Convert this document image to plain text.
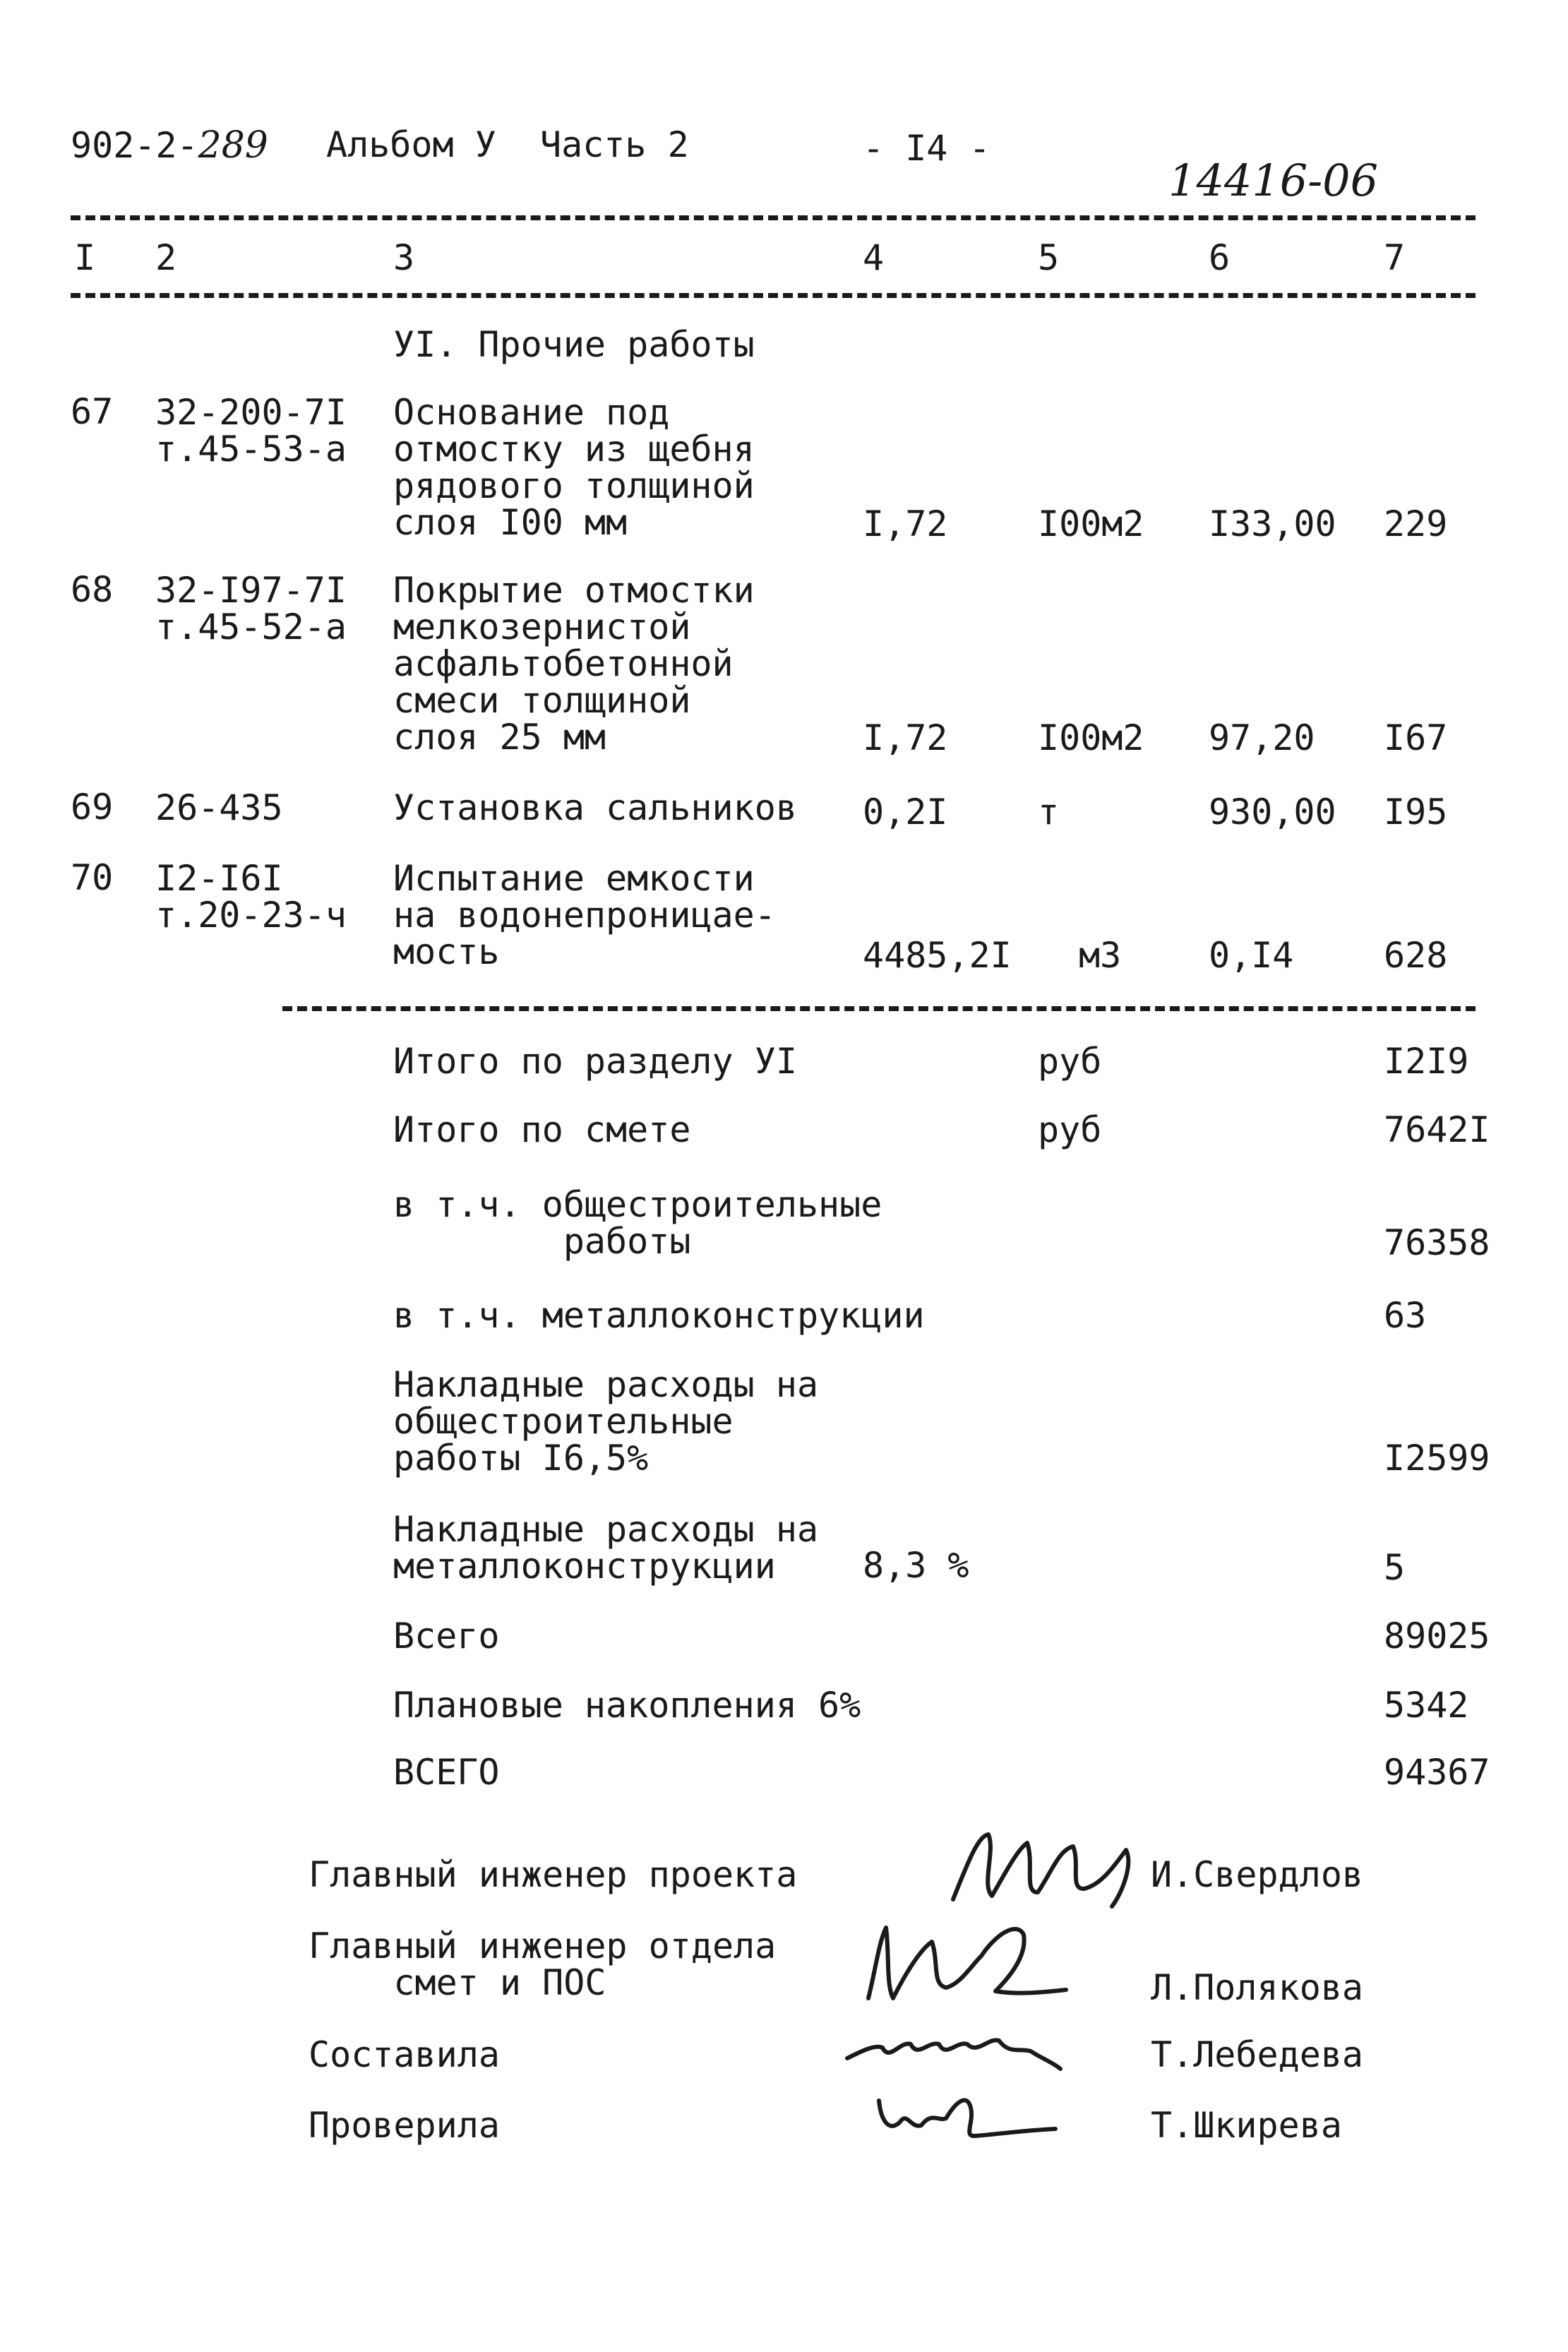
902-2-289 Альбом У Часть 2	- I4 -
14416-06
I 2	3	4	5	6	7
УI. Прочие работы
67 32-200-7I
т.45-53-а
Основание под
отмостку из щебня
рядового толщиной
слоя I00 мм	I,72	I00м2 I33,00 229
68 32-I97-7I
т.45-52-а
Покрытие отмостки
мелкозернистой
асфальтобетонной
смеси толщиной
слоя 25 мм	I,72	I00м2 97,20 I67
69 26-435	Установка сальников 0,2I	т	930,00 I95
70 I2-I6I
т.20-23-ч
Испытание емкости
на водонепроницае-
мость	4485,2I м3 0,I4	628
Итого по разделу УI	руб	I2I9
Итого по смете	руб	7642I
в т.ч. общестроительные
работы	76358
в т.ч. металлоконструкции	63
Накладные расходы на
общестроительные
работы I6,5%	I2599
Накладные расходы на
металлоконструкции	8,3 %	5
Всего	89025
Плановые накопления 6%	5342
ВСЕГО	94367
Главный инженер проекта	И.Свердлов
Главный инженер отдела
смет и ПОС	Л.Полякова
Составила	Т.Лебедева
Проверила	Т.Шкирева
